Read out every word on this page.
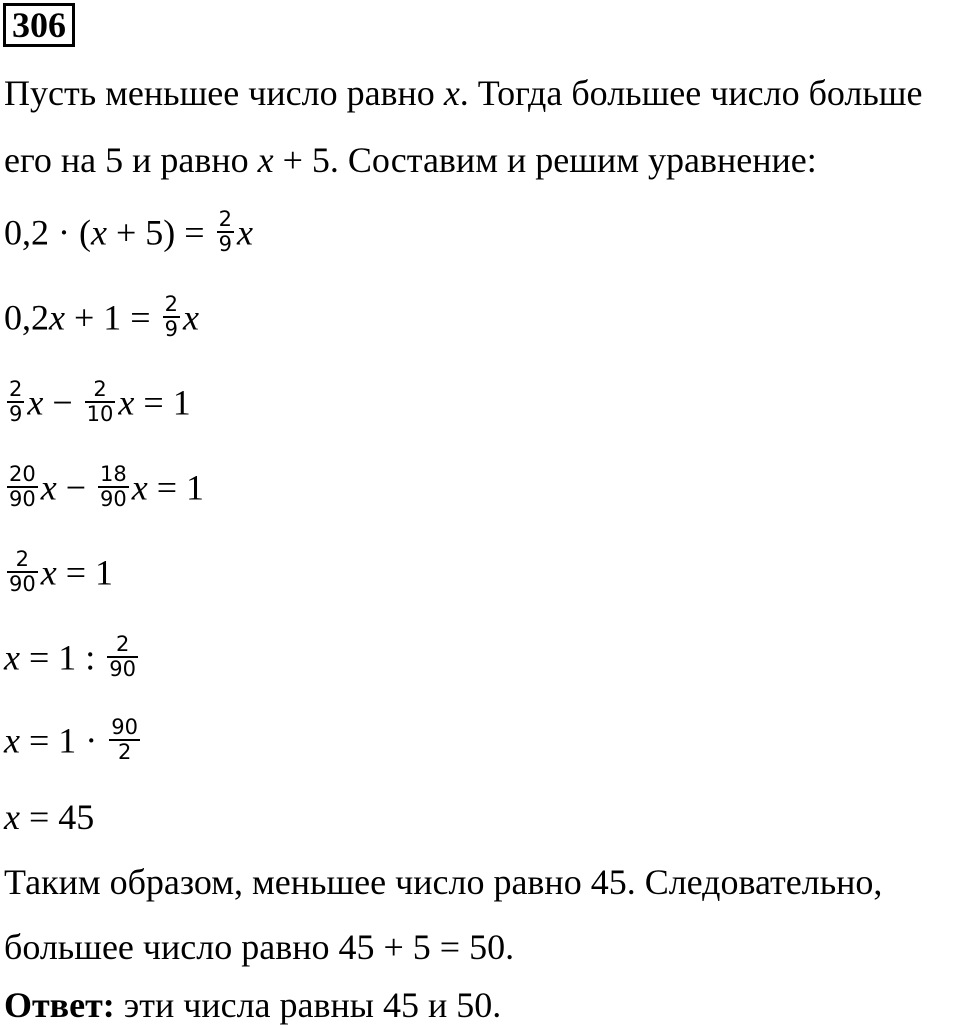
306
Пусть меньшее число равно x. Тогда большее число больше
его на 5 и равно x + 5. Составим и решим уравнение:
$0,2 \cdot (x + 5) = \frac{2}{9}$ x
$0,2x + 1 = \frac{2}{9}$ x
$\frac{2}{9}$ $x - \frac{2}{10}$ x = 1
$\frac{20}{90}$ $x - \frac{18}{90}$ x = 1
$\frac{2}{90}$ x = 1
x = 1 : $\frac{2}{90}$
$x = 1 \cdot \frac{90}{2}$
x = 45
Таким образом, меньшее число равно 45. Следовательно,
большее число равно 45 + 5 = 50.
Ответ: эти числа равны 45 и 50.
